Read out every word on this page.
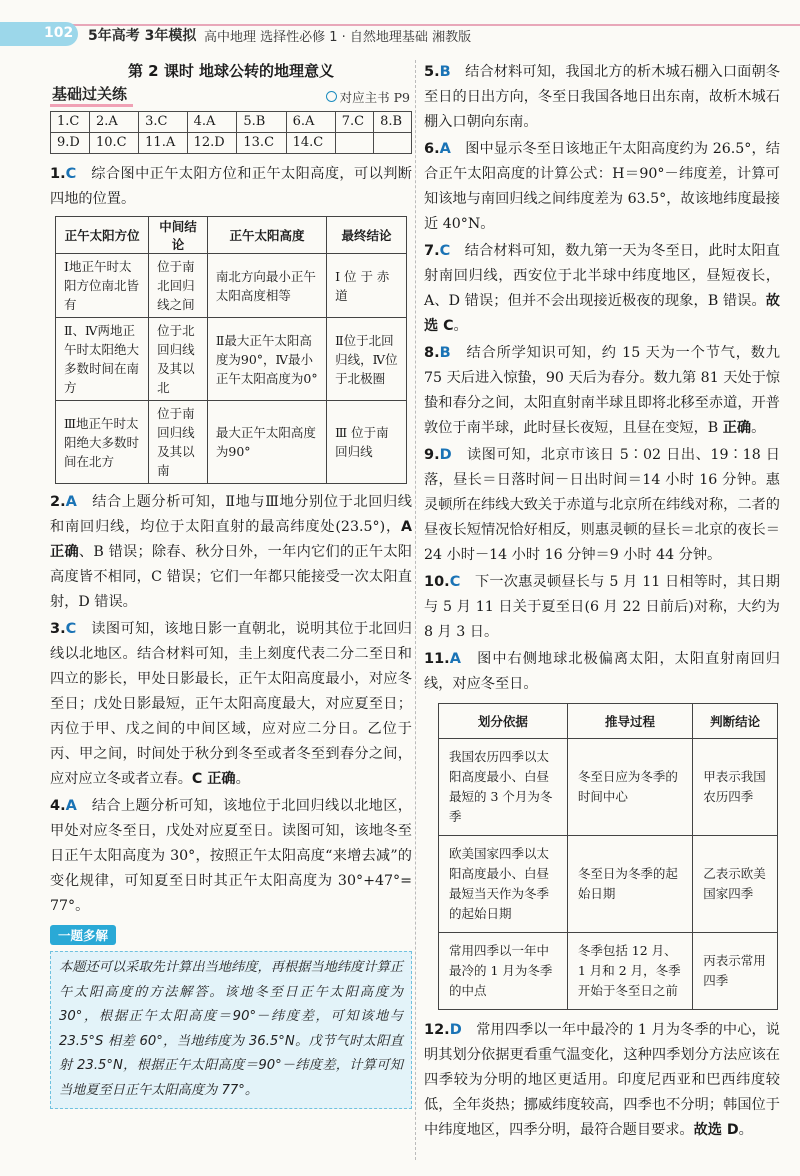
102 5年高考 3年模拟 高中地理 选择性必修 1 · 自然地理基础 湘教版
第 2 课时 地球公转的地理意义
基础过关练	对应主书 P9
1.C	2.A	3.C	4.A	5.B	6.A	7.C	8.B
9.D	10.C	11.A	12.D	13.C	14.C		

1.C　 综合图中正午太阳方位和正午太阳高度，可以判断四地的位置。

正午太阳方位	中间结论	正午太阳高度	最终结论
Ⅰ地正午时太阳方位南北皆有	位于南北回归线之间	南北方向最小正午太阳高度相等	Ⅰ 位 于 赤道
Ⅱ、Ⅳ两地正午时太阳绝大多数时间在南方	位于北回归线及其以北	Ⅱ最大正午太阳高度为90°，Ⅳ最小正午太阳高度为0°	Ⅱ位于北回归线，Ⅳ位于北极圈
Ⅲ地正午时太阳绝大多数时间在北方	位于南回归线及其以南	最大正午太阳高度为90°	Ⅲ 位于南回归线

2.A　 结合上题分析可知，Ⅱ地与Ⅲ地分别位于北回归线和南回归线，均位于太阳直射的最高纬度处(23.5°)，A 正确、B 错误；除春、秋分日外，一年内它们的正午太阳高度皆不相同，C 错误；它们一年都只能接受一次太阳直射，D 错误。

3.C　 读图可知，该地日影一直朝北，说明其位于北回归线以北地区。结合材料可知，圭上刻度代表二分二至日和四立的影长，甲处日影最长，正午太阳高度最小，对应冬至日；戊处日影最短，正午太阳高度最大，对应夏至日；丙位于甲、戊之间的中间区域，应对应二分日。乙位于丙、甲之间，时间处于秋分到冬至或者冬至到春分之间，应对应立冬或者立春。C 正确。

4.A　 结合上题分析可知，该地位于北回归线以北地区，甲处对应冬至日，戊处对应夏至日。读图可知，该地冬至日正午太阳高度为 30°，按照正午太阳高度“来增去减”的变化规律，可知夏至日时其正午太阳高度为 30°+47°= 77°。

一题多解
本题还可以采取先计算出当地纬度，再根据当地纬度计算正午太阳高度的方法解答。该地冬至日正午太阳高度为 30°，根据正午太阳高度＝90°－纬度差，可知该地与 23.5°S 相差 60°，当地纬度为 36.5°N。戊节气时太阳直射 23.5°N，根据正午太阳高度＝90°－纬度差，计算可知当地夏至日正午太阳高度为 77°。

5.B　 结合材料可知，我国北方的析木城石棚入口面朝冬至日的日出方向，冬至日我国各地日出东南，故析木城石棚入口朝向东南。

6.A　 图中显示冬至日该地正午太阳高度约为 26.5°，结合正午太阳高度的计算公式：H＝90°－纬度差，计算可知该地与南回归线之间纬度差为 63.5°，故该地纬度最接近 40°N。

7.C　 结合材料可知，数九第一天为冬至日，此时太阳直射南回归线，西安位于北半球中纬度地区，昼短夜长，A、D 错误；但并不会出现接近极夜的现象，B 错误。故选 C。

8.B　 结合所学知识可知，约 15 天为一个节气，数九 75 天后进入惊蛰，90 天后为春分。数九第 81 天处于惊蛰和春分之间，太阳直射南半球且即将北移至赤道，开普敦位于南半球，此时昼长夜短，且昼在变短，B 正确。

9.D　 读图可知，北京市该日 5∶02 日出、19∶18 日落，昼长＝日落时间－日出时间＝14 小时 16 分钟。惠灵顿所在纬线大致关于赤道与北京所在纬线对称，二者的昼夜长短情况恰好相反，则惠灵顿的昼长＝北京的夜长＝24 小时－14 小时 16 分钟＝9 小时 44 分钟。

10.C　 下一次惠灵顿昼长与 5 月 11 日相等时，其日期与 5 月 11 日关于夏至日(6 月 22 日前后)对称，大约为 8 月 3 日。

11.A　 图中右侧地球北极偏离太阳，太阳直射南回归线，对应冬至日。

划分依据	推导过程	判断结论
我国农历四季以太阳高度最小、白昼最短的 3 个月为冬季	冬至日应为冬季的时间中心	甲表示我国农历四季
欧美国家四季以太阳高度最小、白昼最短当天作为冬季的起始日期	冬至日为冬季的起始日期	乙表示欧美国家四季
常用四季以一年中最冷的 1 月为冬季的中点	冬季包括 12 月、1 月和 2 月，冬季开始于冬至日之前	丙表示常用四季

12.D　 常用四季以一年中最冷的 1 月为冬季的中心，说明其划分依据更看重气温变化，这种四季划分方法应该在四季较为分明的地区更适用。印度尼西亚和巴西纬度较低，全年炎热；挪威纬度较高，四季也不分明；韩国位于中纬度地区，四季分明，最符合题目要求。故选 D。
